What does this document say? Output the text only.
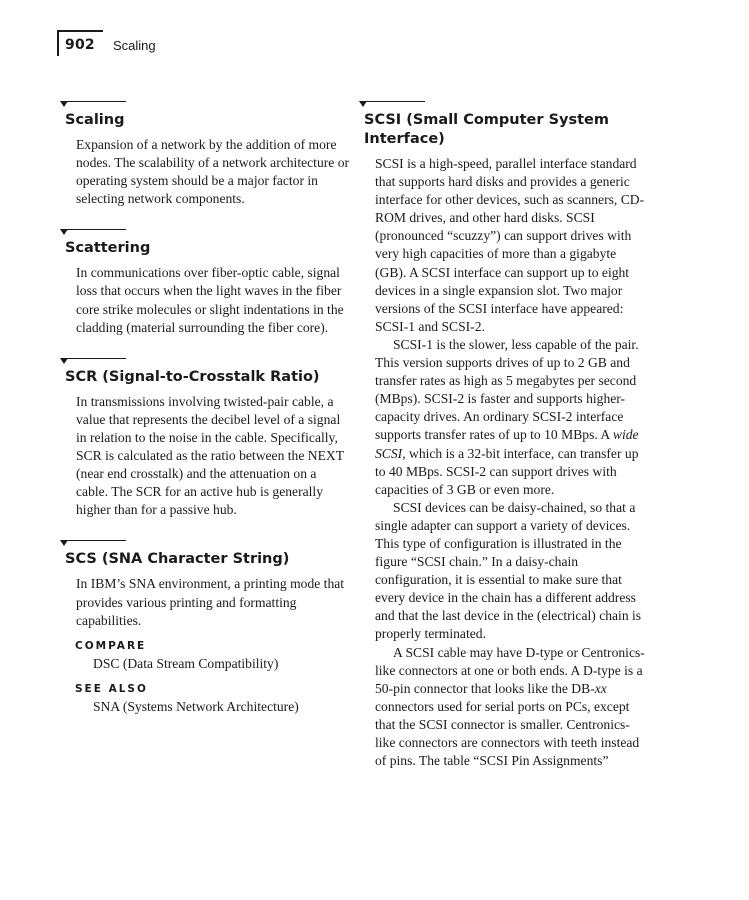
902 Scaling
Scaling

Expansion of a network by the addition of more nodes. The scalability of a network architecture or operating system should be a major factor in selecting network components.

Scattering

In communications over fiber-optic cable, signal loss that occurs when the light waves in the fiber core strike molecules or slight indentations in the cladding (material surrounding the fiber core).

SCR (Signal-to-Crosstalk Ratio)

In transmissions involving twisted-pair cable, a value that represents the decibel level of a signal in relation to the noise in the cable. Specifically, SCR is calculated as the ratio between the NEXT (near end crosstalk) and the attenuation on a cable. The SCR for an active hub is generally higher than for a passive hub.

SCS (SNA Character String)

In IBM’s SNA environment, a printing mode that provides various printing and formatting capabilities.

COMPARE
DSC (Data Stream Compatibility)
SEE ALSO
SNA (Systems Network Architecture)
SCSI (Small Computer System Interface)

SCSI is a high-speed, parallel interface standard that supports hard disks and provides a generic interface for other devices, such as scanners, CD-ROM drives, and other hard disks. SCSI (pronounced “scuzzy”) can support drives with very high capacities of more than a gigabyte (GB). A SCSI interface can support up to eight devices in a single expansion slot. Two major versions of the SCSI interface have appeared: SCSI-1 and SCSI-2.

SCSI-1 is the slower, less capable of the pair. This version supports drives of up to 2 GB and transfer rates as high as 5 megabytes per second (MBps). SCSI-2 is faster and supports higher-capacity drives. An ordinary SCSI-2 interface supports transfer rates of up to 10 MBps. A wide SCSI, which is a 32-bit interface, can transfer up to 40 MBps. SCSI-2 can support drives with capacities of 3 GB or even more.

SCSI devices can be daisy-chained, so that a single adapter can support a variety of devices. This type of configuration is illustrated in the figure “SCSI chain.” In a daisy-chain configuration, it is essential to make sure that every device in the chain has a different address and that the last device in the (electrical) chain is properly terminated.

A SCSI cable may have D-type or Centronics-like connectors at one or both ends. A D-type is a 50-pin connector that looks like the DB-xx connectors used for serial ports on PCs, except that the SCSI connector is smaller. Centronics-like connectors are connectors with teeth instead of pins. The table “SCSI Pin Assignments”
